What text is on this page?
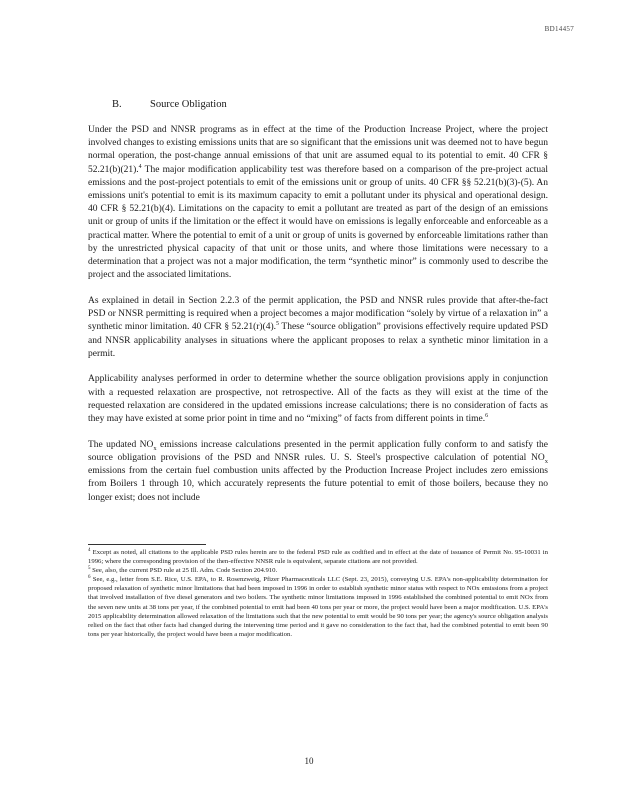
BD14457
B.	Source Obligation

Under the PSD and NNSR programs as in effect at the time of the Production Increase Project, where the project involved changes to existing emissions units that are so significant that the emissions unit was deemed not to have begun normal operation, the post-change annual emissions of that unit are assumed equal to its potential to emit. 40 CFR § 52.21(b)(21).$^4$ The major modification applicability test was therefore based on a comparison of the pre-project actual emissions and the post-project potentials to emit of the emissions unit or group of units. 40 CFR §§ 52.21(b)(3)-(5). An emissions unit's potential to emit is its maximum capacity to emit a pollutant under its physical and operational design. 40 CFR § 52.21(b)(4). Limitations on the capacity to emit a pollutant are treated as part of the design of an emissions unit or group of units if the limitation or the effect it would have on emissions is legally enforceable and enforceable as a practical matter. Where the potential to emit of a unit or group of units is governed by enforceable limitations rather than by the unrestricted physical capacity of that unit or those units, and where those limitations were necessary to a determination that a project was not a major modification, the term “synthetic minor” is commonly used to describe the project and the associated limitations.

As explained in detail in Section 2.2.3 of the permit application, the PSD and NNSR rules provide that after-the-fact PSD or NNSR permitting is required when a project becomes a major modification “solely by virtue of a relaxation in” a synthetic minor limitation. 40 CFR § 52.21(r)(4).$^5$ These “source obligation” provisions effectively require updated PSD and NNSR applicability analyses in situations where the applicant proposes to relax a synthetic minor limitation in a permit.

Applicability analyses performed in order to determine whether the source obligation provisions apply in conjunction with a requested relaxation are prospective, not retrospective. All of the facts as they will exist at the time of the requested relaxation are considered in the updated emissions increase calculations; there is no consideration of facts as they may have existed at some prior point in time and no “mixing” of facts from different points in time.$^6$

The updated $NO_x$ emissions increase calculations presented in the permit application fully conform to and satisfy the source obligation provisions of the PSD and NNSR rules. U. S. Steel's prospective calculation of potential $NO_x$ emissions from the certain fuel combustion units affected by the Production Increase Project includes zero emissions from Boilers 1 through 10, which accurately represents the future potential to emit of those boilers, because they no longer exist; does not include

$^4$ Except as noted, all citations to the applicable PSD rules herein are to the federal PSD rule as codified and in effect at the date of issuance of Permit No. 95-10031 in 1996; where the corresponding provision of the then-effective NNSR rule is equivalent, separate citations are not provided.

$^5$ See, also, the current PSD rule at 25 Ill. Adm. Code Section 204.910.

$^6$ See, e.g., letter from S.E. Rice, U.S. EPA, to R. Rosenzweig, Pfizer Pharmaceuticals LLC (Sept. 23, 2015), conveying U.S. EPA's non-applicability determination for proposed relaxation of synthetic minor limitations that had been imposed in 1996 in order to establish synthetic minor status with respect to NOx emissions from a project that involved installation of five diesel generators and two boilers. The synthetic minor limitations imposed in 1996 established the combined potential to emit NOx from the seven new units at 38 tons per year, if the combined potential to emit had been 40 tons per year or more, the project would have been a major modification. U.S. EPA's 2015 applicability determination allowed relaxation of the limitations such that the new potential to emit would be 90 tons per year; the agency's source obligation analysis relied on the fact that other facts had changed during the intervening time period and it gave no consideration to the fact that, had the combined potential to emit been 90 tons per year historically, the project would have been a major modification.

10
